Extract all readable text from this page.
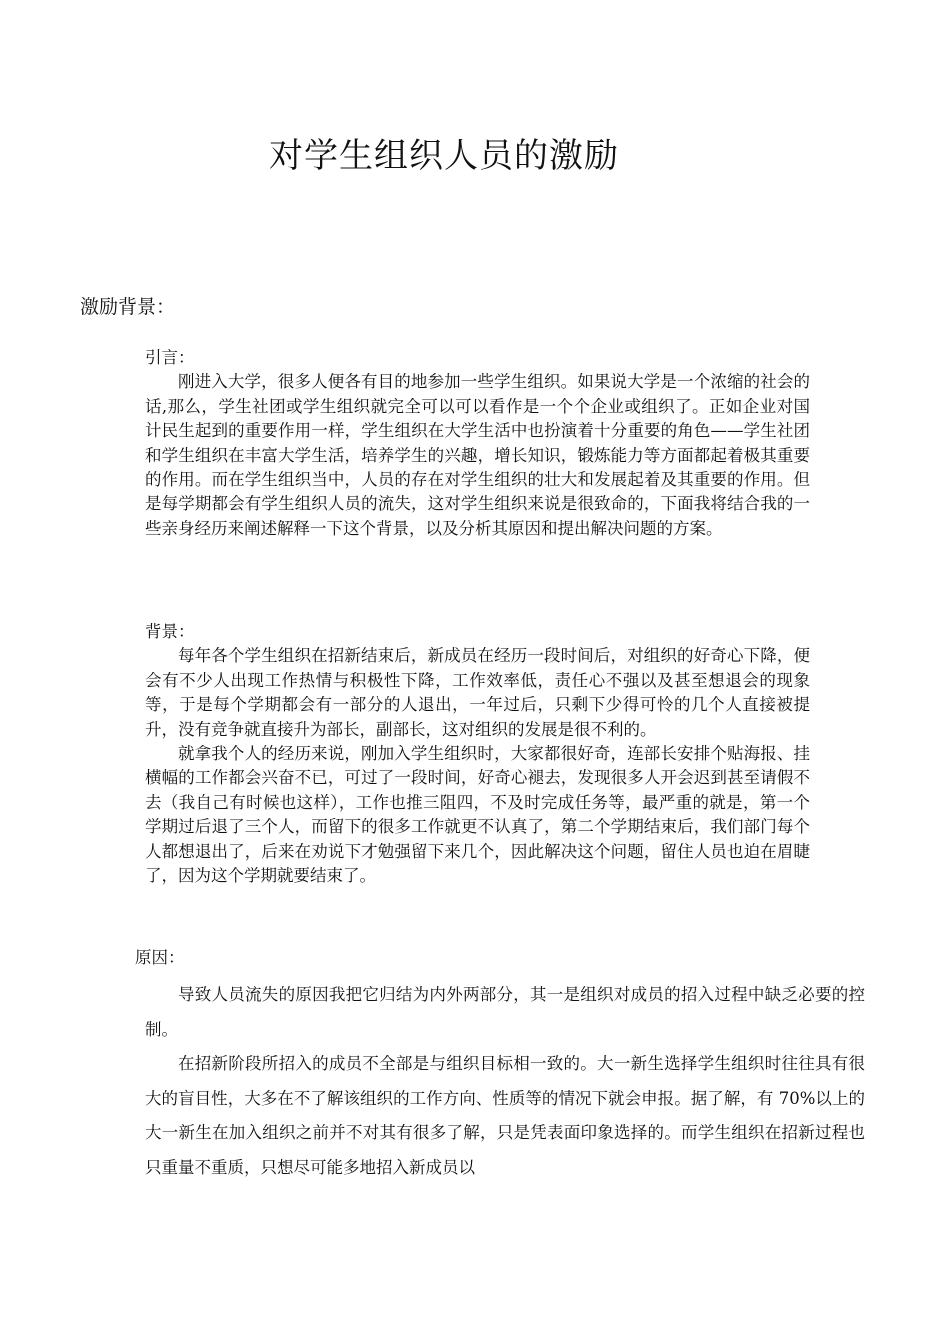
对学生组织人员的激励
激励背景：
引言：

刚进入大学，很多人便各有目的地参加一些学生组织。如果说大学是一个浓缩的社会的话,那么，学生社团或学生组织就完全可以可以看作是一个个企业或组织了。正如企业对国计民生起到的重要作用一样，学生组织在大学生活中也扮演着十分重要的角色——学生社团和学生组织在丰富大学生活，培养学生的兴趣，增长知识，锻炼能力等方面都起着极其重要的作用。而在学生组织当中，人员的存在对学生组织的壮大和发展起着及其重要的作用。但是每学期都会有学生组织人员的流失，这对学生组织来说是很致命的，下面我将结合我的一些亲身经历来阐述解释一下这个背景，以及分析其原因和提出解决问题的方案。

背景：

每年各个学生组织在招新结束后，新成员在经历一段时间后，对组织的好奇心下降，便会有不少人出现工作热情与积极性下降，工作效率低，责任心不强以及甚至想退会的现象等，于是每个学期都会有一部分的人退出，一年过后，只剩下少得可怜的几个人直接被提升，没有竞争就直接升为部长，副部长，这对组织的发展是很不利的。

就拿我个人的经历来说，刚加入学生组织时，大家都很好奇，连部长安排个贴海报、挂横幅的工作都会兴奋不已，可过了一段时间，好奇心褪去，发现很多人开会迟到甚至请假不去（我自己有时候也这样），工作也推三阻四，不及时完成任务等，最严重的就是，第一个学期过后退了三个人，而留下的很多工作就更不认真了，第二个学期结束后，我们部门每个人都想退出了，后来在劝说下才勉强留下来几个，因此解决这个问题，留住人员也迫在眉睫了，因为这个学期就要结束了。

原因：

导致人员流失的原因我把它归结为内外两部分，其一是组织对成员的招入过程中缺乏必要的控制。

在招新阶段所招入的成员不全部是与组织目标相一致的。大一新生选择学生组织时往往具有很大的盲目性，大多在不了解该组织的工作方向、性质等的情况下就会申报。据了解，有 70%以上的大一新生在加入组织之前并不对其有很多了解，只是凭表面印象选择的。而学生组织在招新过程也只重量不重质，只想尽可能多地招入新成员以
